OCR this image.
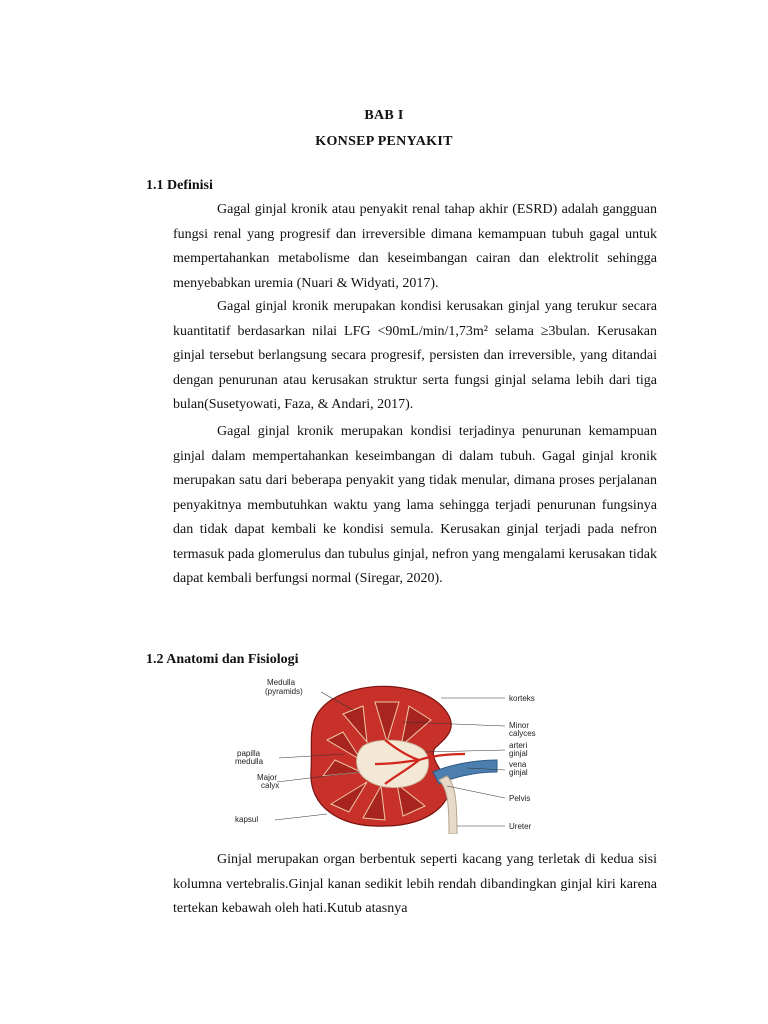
BAB I
KONSEP PENYAKIT
1.1 Definisi

Gagal ginjal kronik atau penyakit renal tahap akhir (ESRD) adalah gangguan fungsi renal yang progresif dan irreversible dimana kemampuan tubuh gagal untuk mempertahankan metabolisme dan keseimbangan cairan dan elektrolit sehingga menyebabkan uremia (Nuari & Widyati, 2017).

Gagal ginjal kronik merupakan kondisi kerusakan ginjal yang terukur secara kuantitatif berdasarkan nilai LFG <90mL/min/1,73m² selama ≥3bulan. Kerusakan ginjal tersebut berlangsung secara progresif, persisten dan irreversible, yang ditandai dengan penurunan atau kerusakan struktur serta fungsi ginjal selama lebih dari tiga bulan(Susetyowati, Faza, & Andari, 2017).

Gagal ginjal kronik merupakan kondisi terjadinya penurunan kemampuan ginjal dalam mempertahankan keseimbangan di dalam tubuh. Gagal ginjal kronik merupakan satu dari beberapa penyakit yang tidak menular, dimana proses perjalanan penyakitnya membutuhkan waktu yang lama sehingga terjadi penurunan fungsinya dan tidak dapat kembali ke kondisi semula. Kerusakan ginjal terjadi pada nefron termasuk pada glomerulus dan tubulus ginjal, nefron yang mengalami kerusakan tidak dapat kembali berfungsi normal (Siregar, 2020).

1.2 Anatomi dan Fisiologi
Medulla
(pyramids)
korteks
Minor
calyces
arteri
ginjal
vena
ginjal
papilla
medulla
Major
calyx
Pelvis
kapsul
Ureter

Ginjal merupakan organ berbentuk seperti kacang yang terletak di kedua sisi kolumna vertebralis.Ginjal kanan sedikit lebih rendah dibandingkan ginjal kiri karena tertekan kebawah oleh hati.Kutub atasnya
